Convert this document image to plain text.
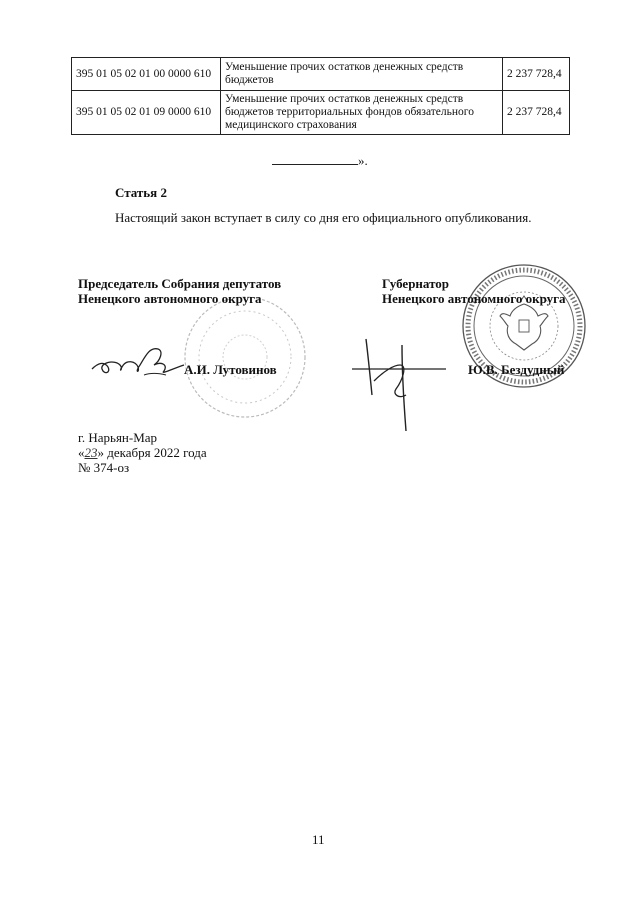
395 01 05 02 01 00 0000 610	Уменьшение прочих остатков денежных средств бюджетов	2 237 728,4
395 01 05 02 01 09 0000 610	Уменьшение прочих остатков денежных средств бюджетов территориальных фондов обязательного медицинского страхования	2 237 728,4
».
Статья 2
Настоящий закон вступает в силу со дня его официального опубликования.
Председатель Собрания депутатов
Ненецкого автономного округа
А.И. Лутовинов
Губернатор
Ненецкого автономного округа
Ю.В. Бездудный
г. Нарьян-Мар
«23» декабря 2022 года
№ 374-оз
11
